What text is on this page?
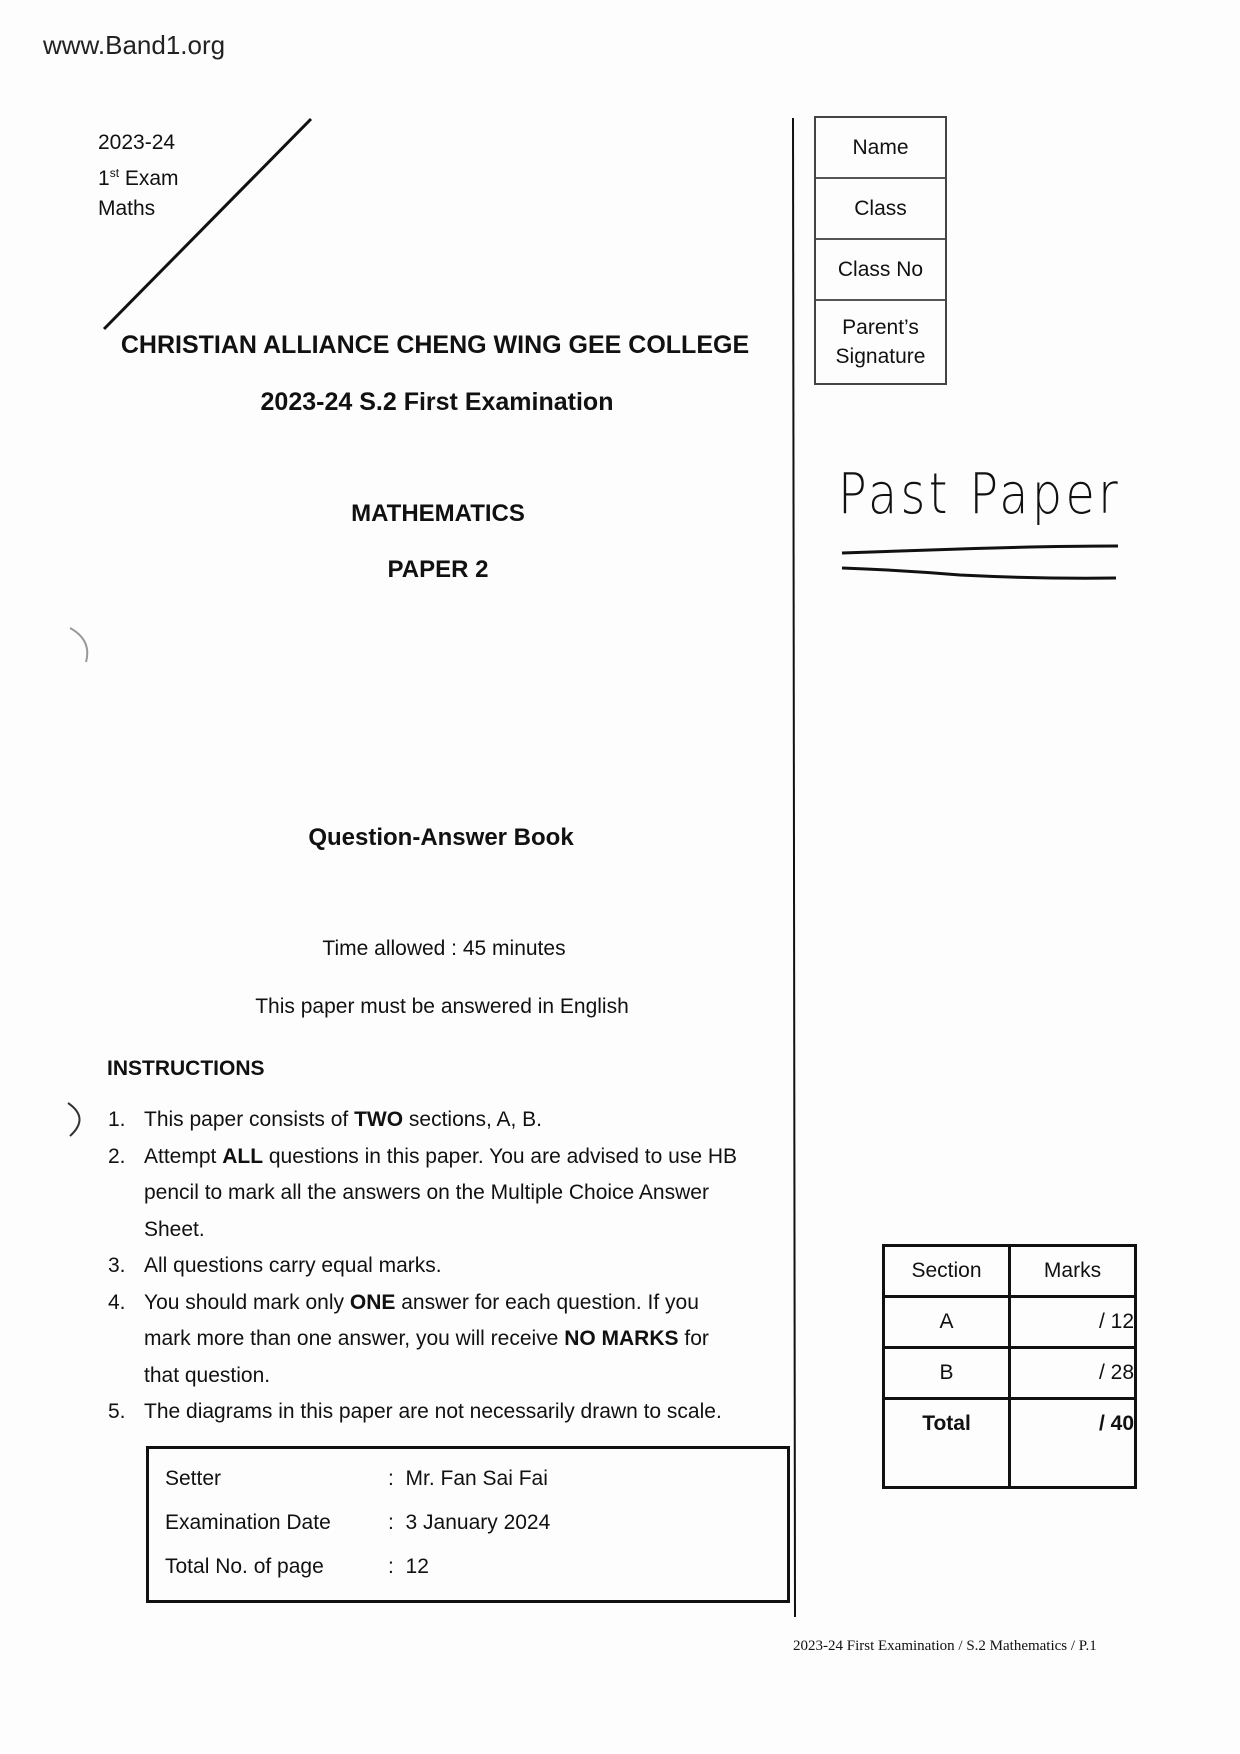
www.Band1.org
2023-24
1st Exam
Maths
Name
Class
Class No
Parent’s Signature
Past Paper
CHRISTIAN ALLIANCE CHENG WING GEE COLLEGE
2023-24 S.2 First Examination
MATHEMATICS
PAPER 2
Question-Answer Book
Time allowed : 45 minutes
This paper must be answered in English
INSTRUCTIONS
1. This paper consists of TWO sections, A, B.
2. Attempt ALL questions in this paper. You are advised to use HB
pencil to mark all the answers on the Multiple Choice Answer
Sheet.
3. All questions carry equal marks.
4. You should mark only ONE answer for each question. If you
mark more than one answer, you will receive NO MARKS for
that question.
5. The diagrams in this paper are not necessarily drawn to scale.
Setter	:  Mr. Fan Sai Fai
Examination Date	:  3 January 2024
Total No. of page	:  12
Section	Marks
A	/ 12
B	/ 28
Total	/ 40
2023-24 First Examination / S.2 Mathematics / P.1
